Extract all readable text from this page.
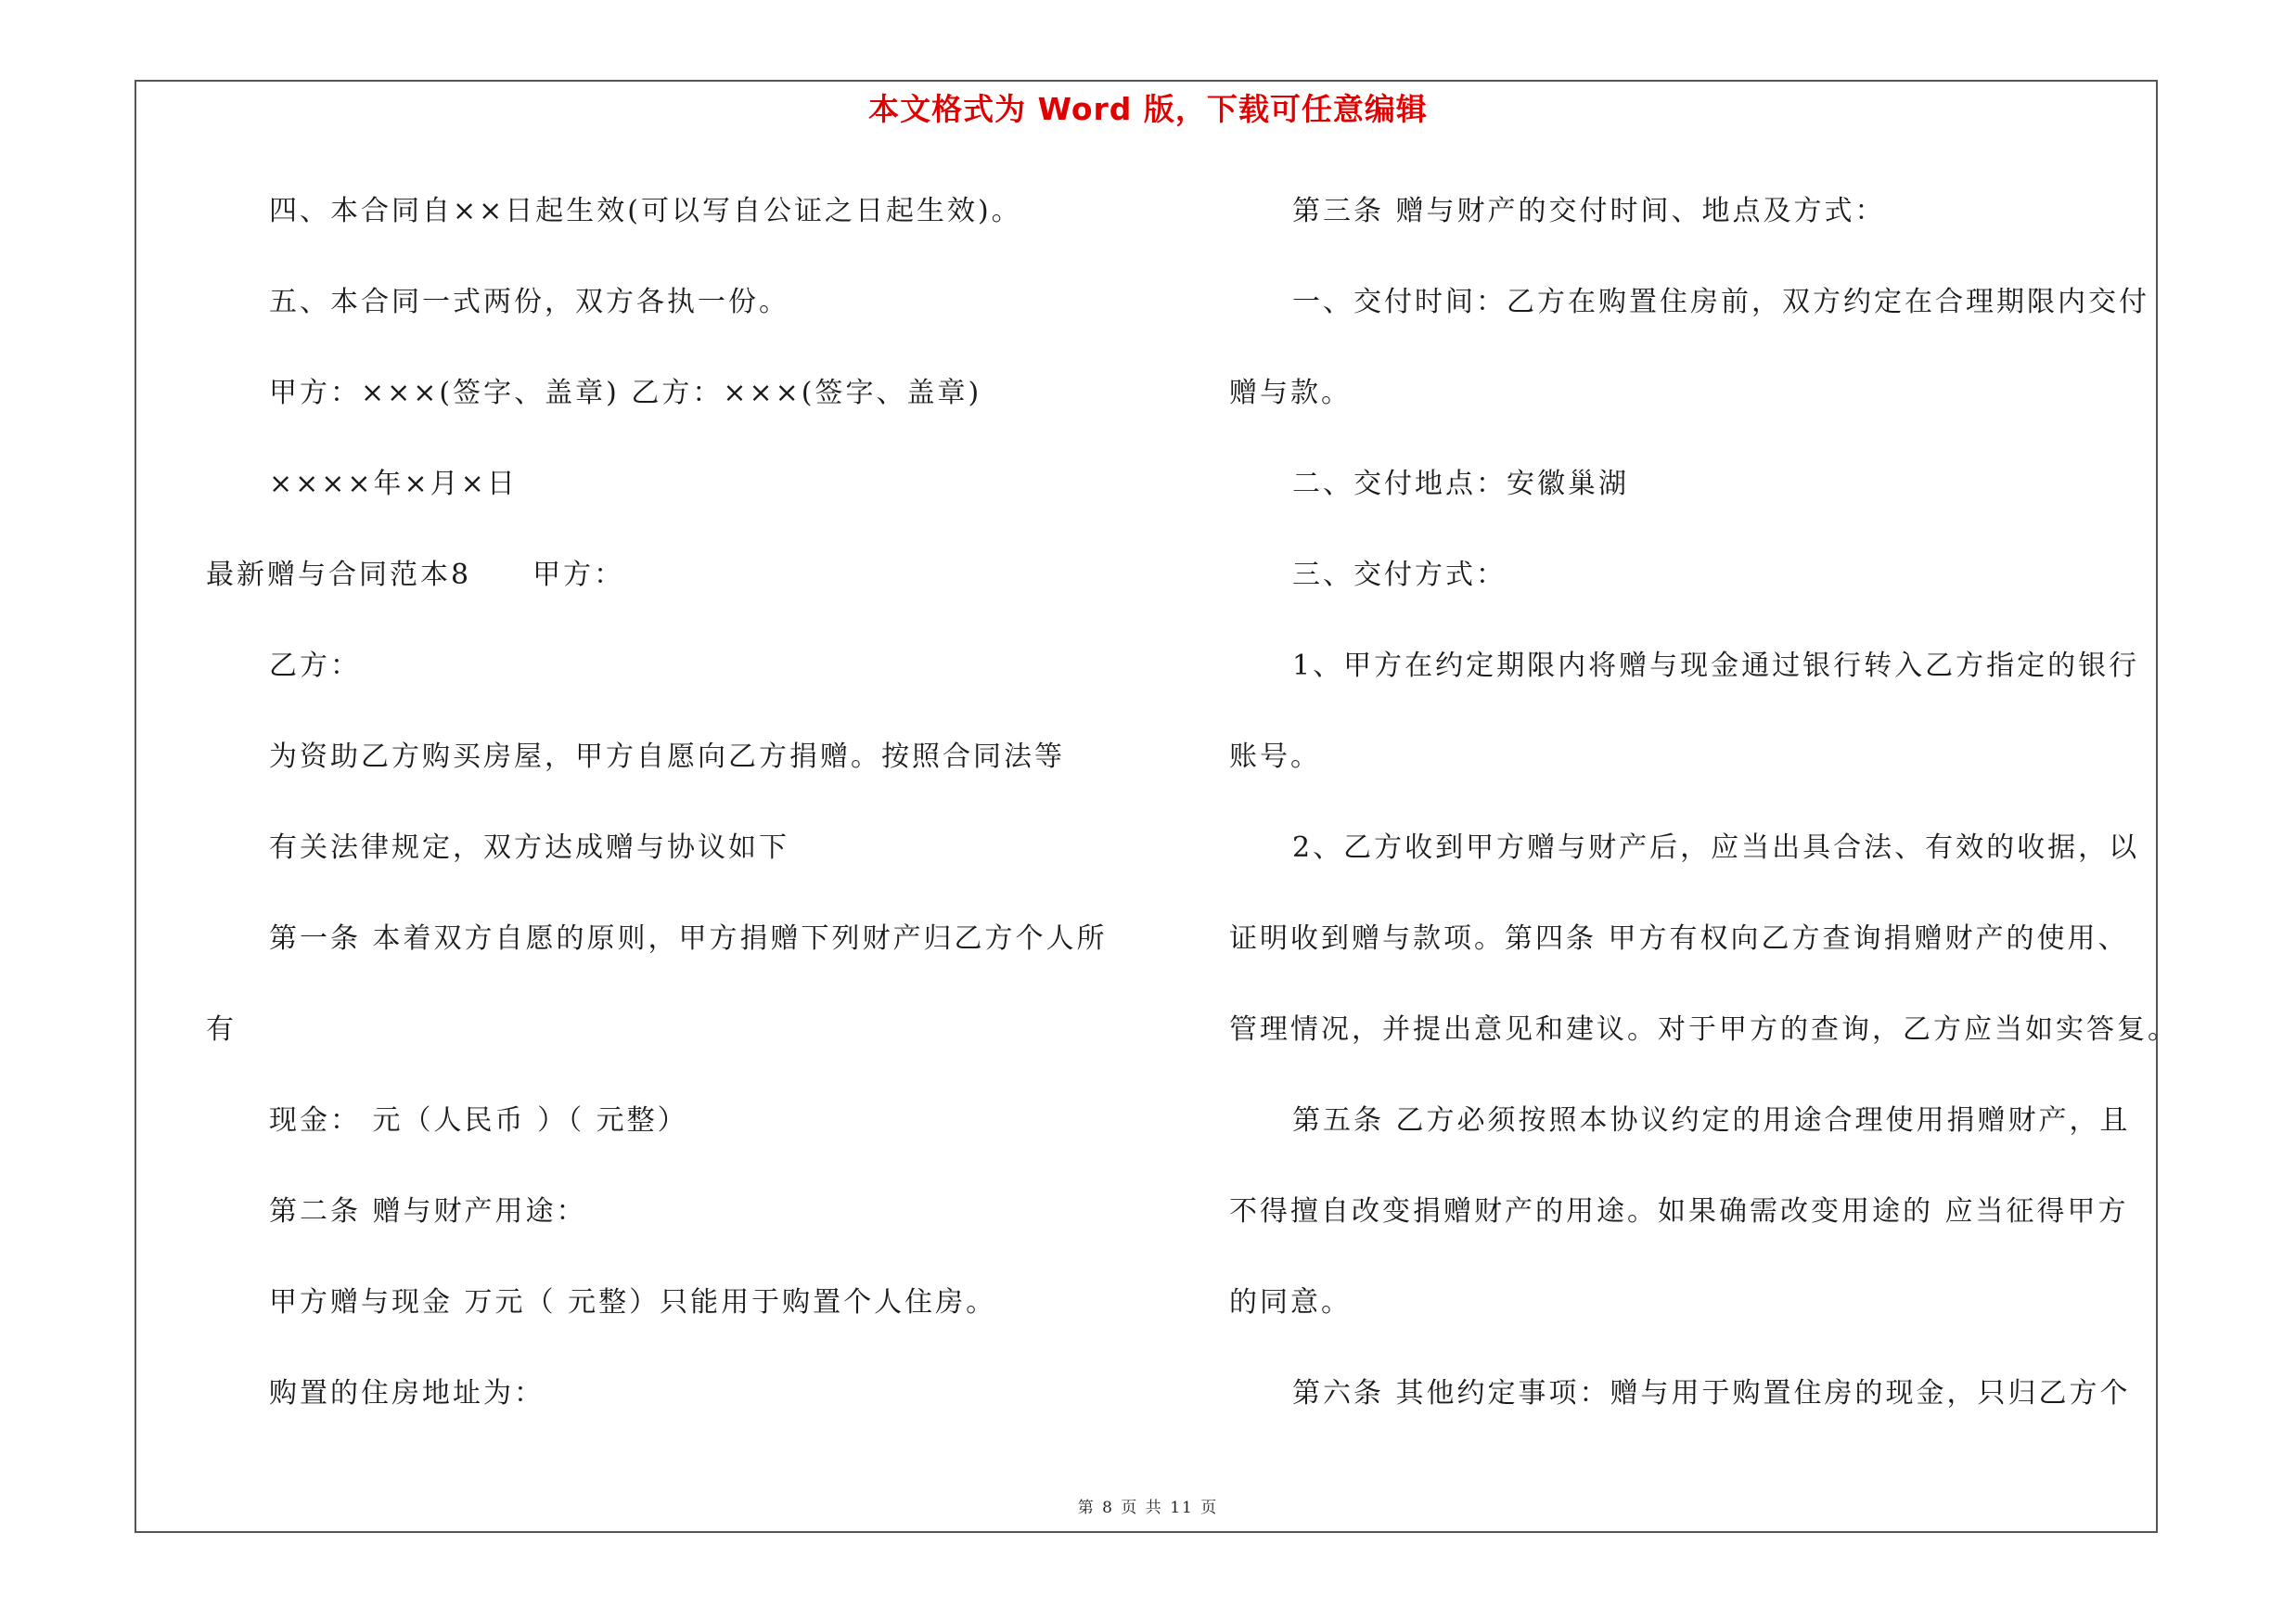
本文格式为 Word 版，下载可任意编辑
四、本合同自××日起生效(可以写自公证之日起生效)。
五、本合同一式两份，双方各执一份。
甲方：×××(签字、盖章) 乙方：×××(签字、盖章)
××××年×月×日
最新赠与合同范本8　　甲方：
乙方：
为资助乙方购买房屋，甲方自愿向乙方捐赠。按照合同法等
有关法律规定，双方达成赠与协议如下
第一条 本着双方自愿的原则，甲方捐赠下列财产归乙方个人所
有
现金： 元（人民币 ）（ 元整）
第二条 赠与财产用途：
甲方赠与现金 万元（ 元整）只能用于购置个人住房。
购置的住房地址为：
第三条 赠与财产的交付时间、地点及方式：
一、交付时间：乙方在购置住房前，双方约定在合理期限内交付
赠与款。
二、交付地点：安徽巢湖
三、交付方式：
1、甲方在约定期限内将赠与现金通过银行转入乙方指定的银行
账号。
2、乙方收到甲方赠与财产后，应当出具合法、有效的收据，以
证明收到赠与款项。第四条 甲方有权向乙方查询捐赠财产的使用、
管理情况，并提出意见和建议。对于甲方的查询，乙方应当如实答复。
第五条 乙方必须按照本协议约定的用途合理使用捐赠财产，且
不得擅自改变捐赠财产的用途。如果确需改变用途的 应当征得甲方
的同意。
第六条 其他约定事项：赠与用于购置住房的现金，只归乙方个
第 8 页 共 11 页
